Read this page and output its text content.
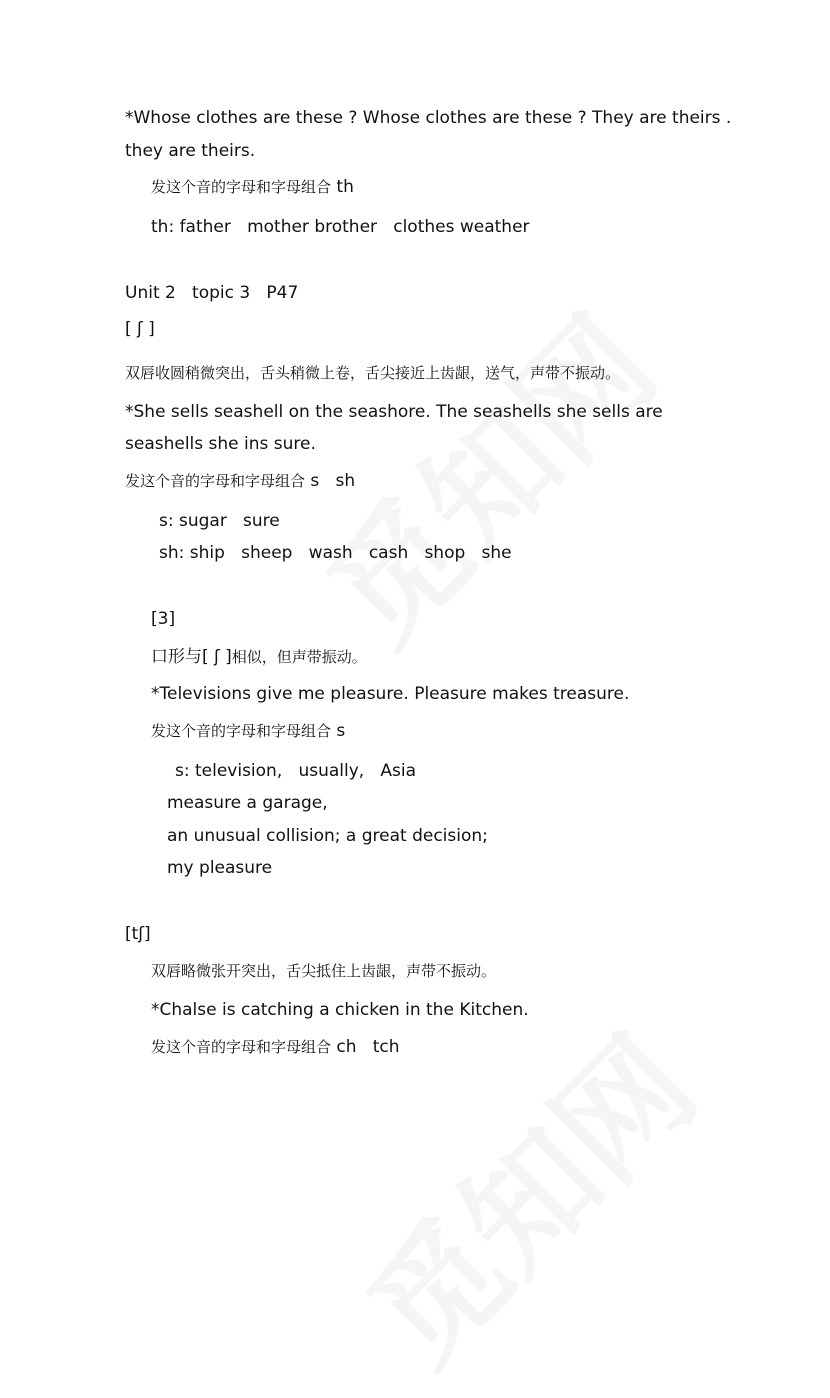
*Whose clothes are these ? Whose clothes are these ? They are theirs .
they are theirs.
发这个音的字母和字母组合 th
th: father   mother brother   clothes weather
Unit 2   topic 3   P47
[ ʃ ]
双唇收圆稍微突出，舌头稍微上卷，舌尖接近上齿龈，送气，声带不振动。
*She sells seashell on the seashore. The seashells she sells are
seashells she ins sure.
发这个音的字母和字母组合 s   sh
s: sugar   sure
sh: ship   sheep   wash   cash   shop   she
[3]
口形与[ ʃ ]相似，但声带振动。
*Televisions give me pleasure. Pleasure makes treasure.
发这个音的字母和字母组合 s
s: television,   usually,   Asia
measure a garage,
an unusual collision; a great decision;
my pleasure
[tʃ]
双唇略微张开突出，舌尖抵住上齿龈，声带不振动。
*Chalse is catching a chicken in the Kitchen.
发这个音的字母和字母组合 ch   tch
